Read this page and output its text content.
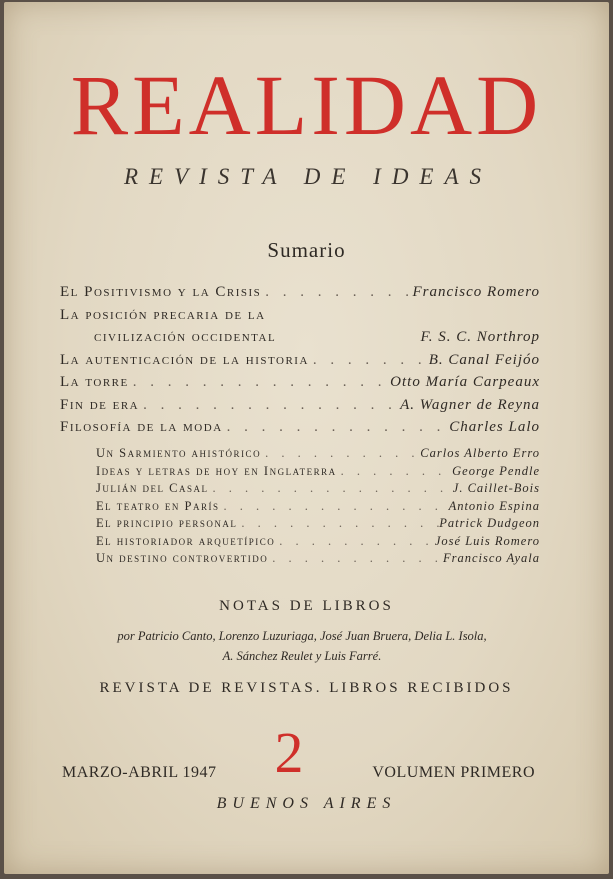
REALIDAD
REVISTA DE IDEAS
Sumario
El Positivismo y la Crisis . . .	Francisco Romero
La posición precaria de la
civilización occidental	F. S. C. Northrop
La autenticación de la historia . . .	B. Canal Feijóo
La torre . . .	Otto María Carpeaux
Fin de era . . .	A. Wagner de Reyna
Filosofía de la moda . . .	Charles Lalo
Un Sarmiento ahistórico . . .	Carlos Alberto Erro
Ideas y letras de hoy en Inglaterra . . .	George Pendle
Julián del Casal . . .	J. Caillet-Bois
El teatro en París . . .	Antonio Espina
El principio personal . . .	Patrick Dudgeon
El historiador arquetípico . . .	José Luis Romero
Un destino controvertido . . .	Francisco Ayala
NOTAS DE LIBROS
por Patricio Canto, Lorenzo Luzuriaga, José Juan Bruera, Delia L. Isola,
A. Sánchez Reulet y Luis Farré.
REVISTA DE REVISTAS. LIBROS RECIBIDOS
MARZO-ABRIL 1947 2	VOLUMEN PRIMERO
BUENOS AIRES
